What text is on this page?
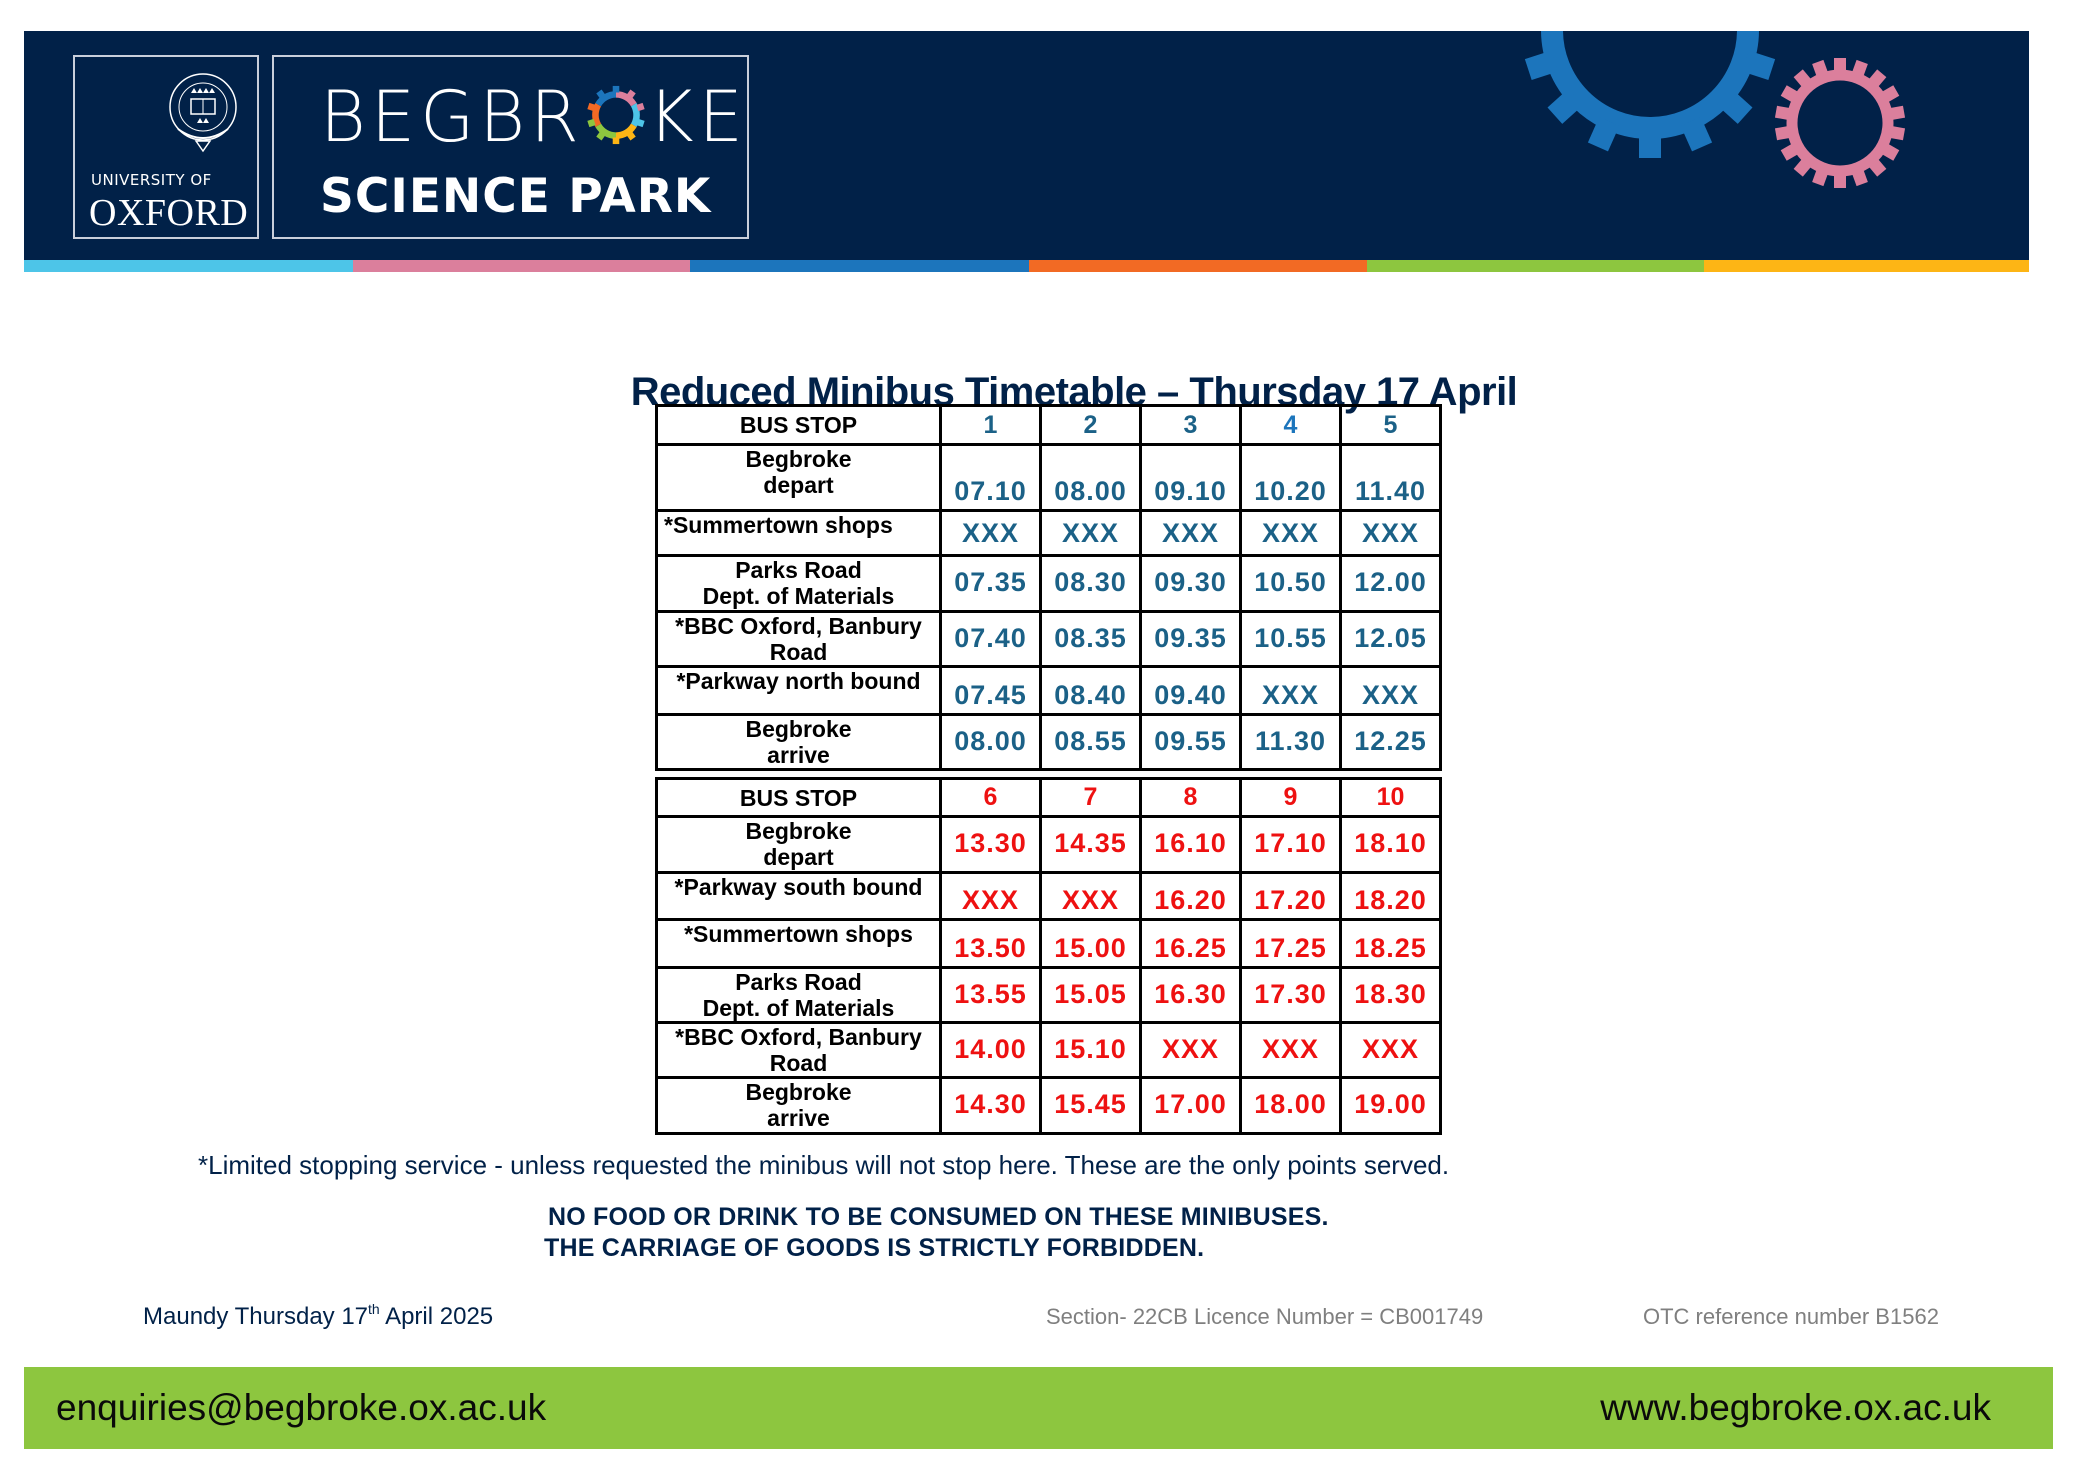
UNIVERSITY OF
OXFORD
BEGBR KE
SCIENCE PARK
Reduced Minibus Timetable – Thursday 17 April
BUS STOP	1	2	3	4	5

Begbroke
depart	07.10	08.00	09.10	10.20	11.40

*Summertown shops	XXX	XXX	XXX	XXX	XXX

Parks Road
Dept. of Materials	07.35	08.30	09.30	10.50	12.00

*BBC Oxford, Banbury
Road	07.40	08.35	09.35	10.55	12.05

*Parkway north bound	07.45	08.40	09.40	XXX	XXX

Begbroke
arrive	08.00	08.55	09.55	11.30	12.25
BUS STOP	6	7	8	9	10

Begbroke
depart	13.30	14.35	16.10	17.10	18.10

*Parkway south bound	XXX	XXX	16.20	17.20	18.20

*Summertown shops	13.50	15.00	16.25	17.25	18.25

Parks Road
Dept. of Materials	13.55	15.05	16.30	17.30	18.30

*BBC Oxford, Banbury
Road	14.00	15.10	XXX	XXX	XXX

Begbroke
arrive	14.30	15.45	17.00	18.00	19.00
*Limited stopping service - unless requested the minibus will not stop here. These are the only points served.
NO FOOD OR DRINK TO BE CONSUMED ON THESE MINIBUSES.
THE CARRIAGE OF GOODS IS STRICTLY FORBIDDEN.
Maundy Thursday 17th April 2025	Section- 22CB Licence Number = CB001749	OTC reference number B1562
enquiries@begbroke.ox.ac.uk	www.begbroke.ox.ac.uk
